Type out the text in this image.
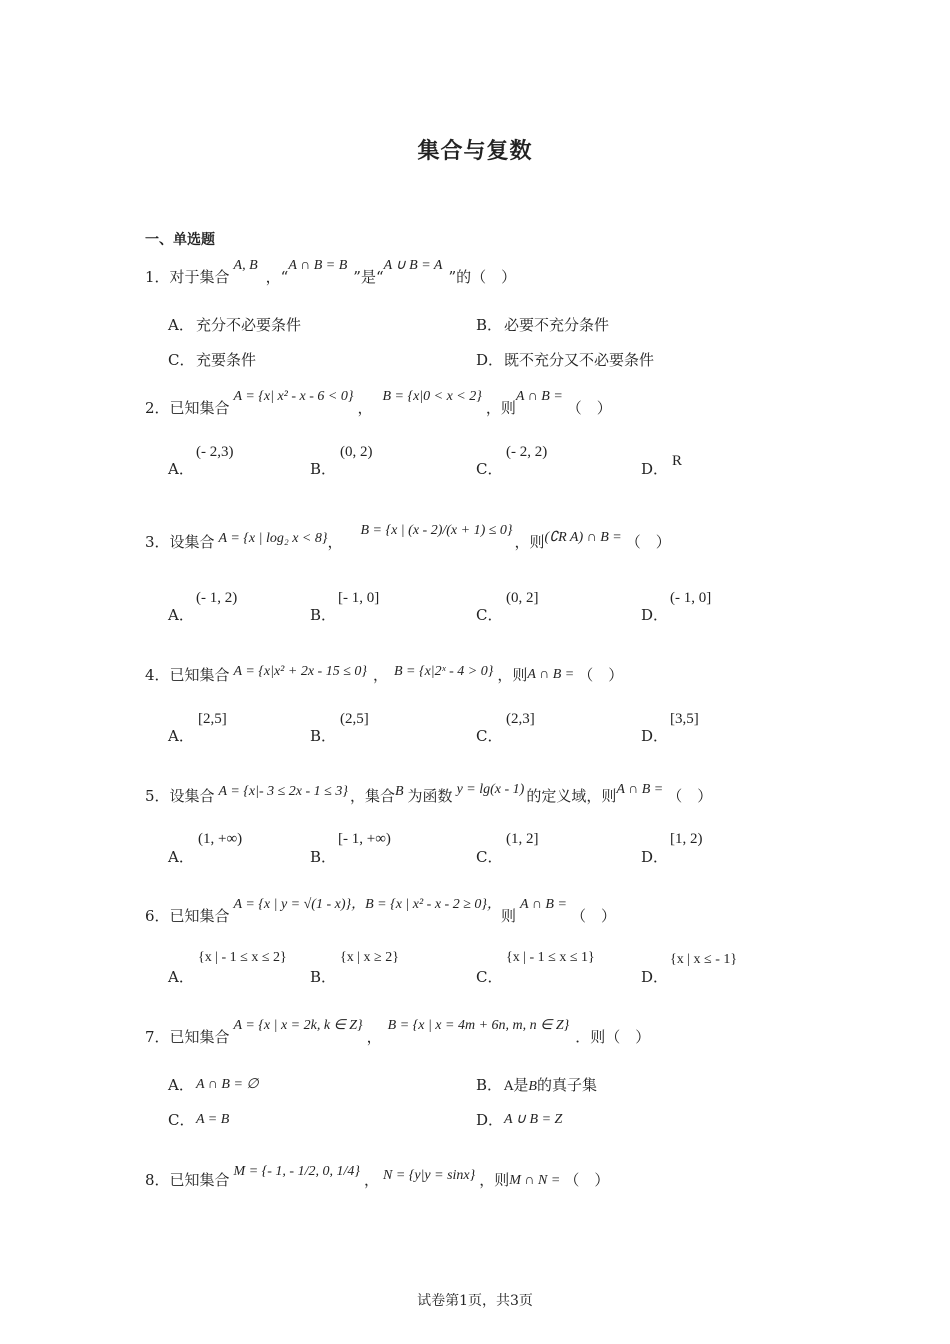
集合与复数
一、单选题
1．对于集合A, B，“A ∩ B = B”是“A ∪ B = A”的（　）
A． 充分不必要条件	B． 必要不充分条件
C． 充要条件	D．既不充分又不必要条件
2．已知集合A = {x| x² - x - 6 < 0}，B = {x|0 < x < 2}，则A ∩ B =（　）
A．
(- 2,3)
B．
(0, 2)
C．
(- 2, 2)
D． R
3．设集合 A = {x | log₂ x < 8}，B = {x | (x - 2)/(x + 1) ≤ 0}，则(∁R A) ∩ B = （　）
A．
(- 1, 2)
B．
[- 1, 0]
C．
(0, 2]
D．
(- 1, 0]
4．已知集合 A = {x|x² + 2x - 15 ≤ 0} ， B = {x|2ˣ - 4 > 0} ，则A ∩ B = （　）
A．
[2,5]
B．
(2,5]
C．
(2,3]
D．
[3,5]
5．设集合 A = {x|- 3 ≤ 2x - 1 ≤ 3} ，集合B 为函数 y = lg(x - 1) 的定义域，则A ∩ B = （　）
A．
(1, +∞)
B．
[- 1, +∞)
C．
(1, 2]
D．
[1, 2)
6．已知集合A = {x | y = √(1 - x)}，B = {x | x² - x - 2 ≥ 0}，则A ∩ B =（　）
A．
{x | - 1 ≤ x ≤ 2}
B．
{x | x ≥ 2}
C．
{x | - 1 ≤ x ≤ 1}
D．
{x | x ≤ - 1}
7．已知集合A = {x | x = 2k, k ∈ Z}，B = {x | x = 4m + 6n, m, n ∈ Z}．则（　）
A． A ∩ B = ∅	B． A是B的真子集
C． A = B	D．A ∪ B = Z
8．已知集合 M = {- 1, - 1/2, 0, 1/4} ， N = {y|y = sinx} ，则M ∩ N = （　）
试卷第1页，共3页
